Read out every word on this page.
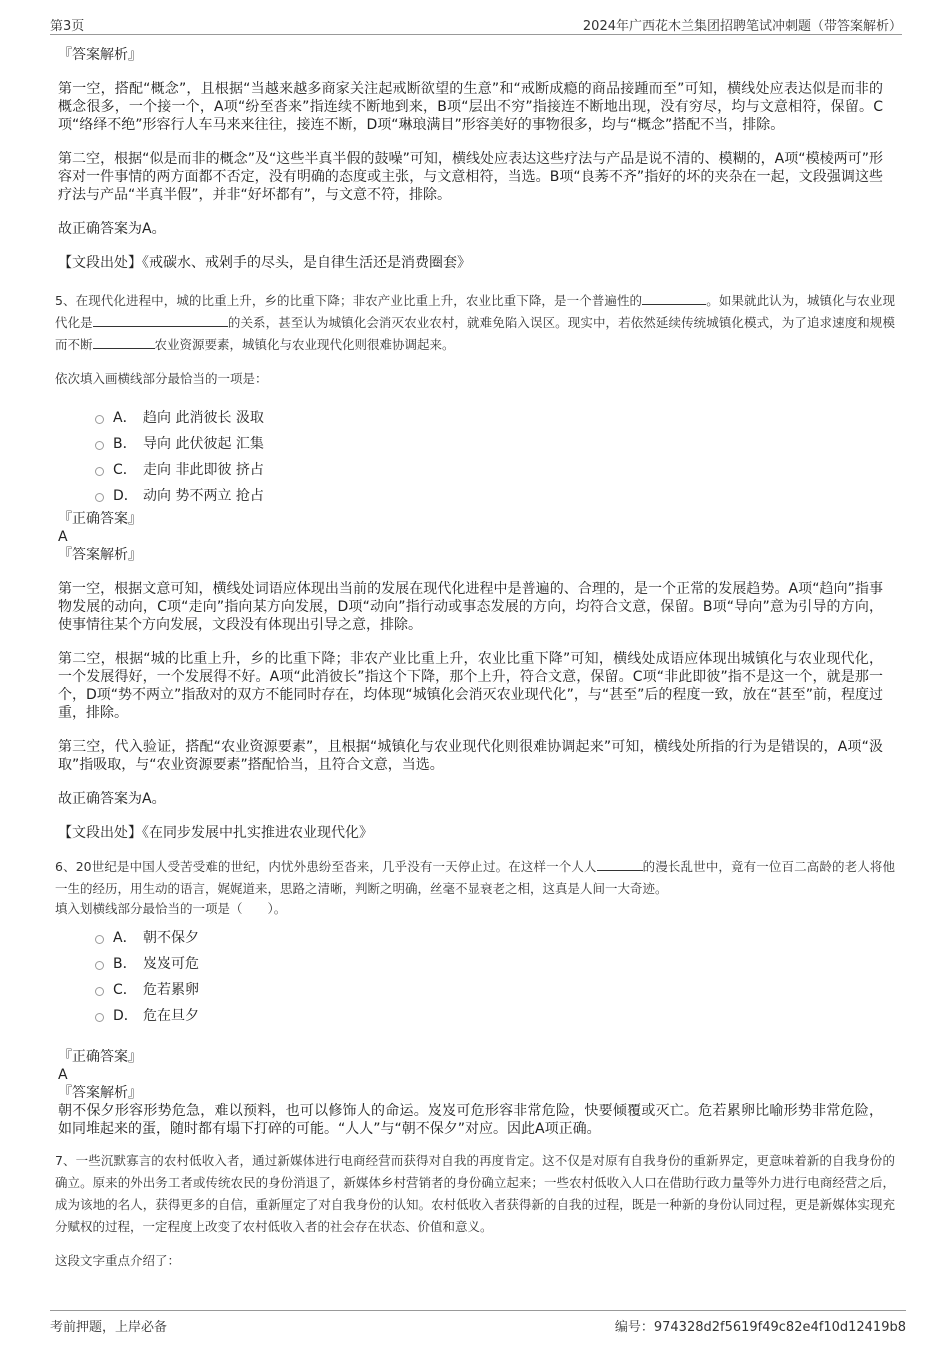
第3页	2024年广西花木兰集团招聘笔试冲刺题（带答案解析）
『答案解析』

第一空，搭配“概念”，且根据“当越来越多商家关注起戒断欲望的生意”和“戒断成瘾的商品接踵而至”可知，横线处应表达似是而非的概念很多，一个接一个，A项“纷至沓来”指连续不断地到来，B项“层出不穷”指接连不断地出现，没有穷尽，均与文意相符，保留。C项“络绎不绝”形容行人车马来来往往，接连不断，D项“琳琅满目”形容美好的事物很多，均与“概念”搭配不当，排除。

第二空，根据“似是而非的概念”及“这些半真半假的鼓噪”可知，横线处应表达这些疗法与产品是说不清的、模糊的，A项“模棱两可”形容对一件事情的两方面都不否定，没有明确的态度或主张，与文意相符，当选。B项“良莠不齐”指好的坏的夹杂在一起，文段强调这些疗法与产品“半真半假”，并非“好坏都有”，与文意不符，排除。

故正确答案为A。

【文段出处】《戒碳水、戒剁手的尽头，是自律生活还是消费圈套》

5、在现代化进程中，城的比重上升，乡的比重下降；非农产业比重上升，农业比重下降，是一个普遍性的	。如果就此认为，城镇化与农业现代化是	的关系，甚至认为城镇化会消灭农业农村，就难免陷入误区。现实中，若依然延续传统城镇化模式，为了追求速度和规模而不断	农业资源要素，城镇化与农业现代化则很难协调起来。

依次填入画横线部分最恰当的一项是：
A． 趋向 此消彼长 汲取
B． 导向 此伏彼起 汇集
C． 走向 非此即彼 挤占
D． 动向 势不两立 抢占
『正确答案』
A
『答案解析』

第一空，根据文意可知，横线处词语应体现出当前的发展在现代化进程中是普遍的、合理的，是一个正常的发展趋势。A项“趋向”指事物发展的动向，C项“走向”指向某方向发展，D项“动向”指行动或事态发展的方向，均符合文意，保留。B项“导向”意为引导的方向，使事情往某个方向发展，文段没有体现出引导之意，排除。

第二空，根据“城的比重上升，乡的比重下降；非农产业比重上升，农业比重下降”可知，横线处成语应体现出城镇化与农业现代化，一个发展得好，一个发展得不好。A项“此消彼长”指这个下降，那个上升，符合文意，保留。C项“非此即彼”指不是这一个，就是那一个，D项“势不两立”指敌对的双方不能同时存在，均体现“城镇化会消灭农业现代化”，与“甚至”后的程度一致，放在“甚至”前，程度过重，排除。

第三空，代入验证，搭配“农业资源要素”，且根据“城镇化与农业现代化则很难协调起来”可知，横线处所指的行为是错误的，A项“汲取”指吸取，与“农业资源要素”搭配恰当，且符合文意，当选。

故正确答案为A。

【文段出处】《在同步发展中扎实推进农业现代化》

6、20世纪是中国人受苦受难的世纪，内忧外患纷至沓来，几乎没有一天停止过。在这样一个人人	的漫长乱世中，竟有一位百二高龄的老人将他一生的经历，用生动的语言，娓娓道来，思路之清晰，判断之明确，丝毫不显衰老之相，这真是人间一大奇迹。

填入划横线部分最恰当的一项是（　　）。
A． 朝不保夕
B． 岌岌可危
C． 危若累卵
D． 危在旦夕
『正确答案』
A
『答案解析』

朝不保夕形容形势危急，难以预料，也可以修饰人的命运。岌岌可危形容非常危险，快要倾覆或灭亡。危若累卵比喻形势非常危险，如同堆起来的蛋，随时都有塌下打碎的可能。“人人”与“朝不保夕”对应。因此A项正确。

7、一些沉默寡言的农村低收入者，通过新媒体进行电商经营而获得对自我的再度肯定。这不仅是对原有自我身份的重新界定，更意味着新的自我身份的确立。原来的外出务工者或传统农民的身份消退了，新媒体乡村营销者的身份确立起来；一些农村低收入人口在借助行政力量等外力进行电商经营之后，成为该地的名人，获得更多的自信，重新厘定了对自我身份的认知。农村低收入者获得新的自我的过程，既是一种新的身份认同过程，更是新媒体实现充分赋权的过程，一定程度上改变了农村低收入者的社会存在状态、价值和意义。

这段文字重点介绍了：
考前押题，上岸必备	编号：974328d2f5619f49c82e4f10d12419b8
